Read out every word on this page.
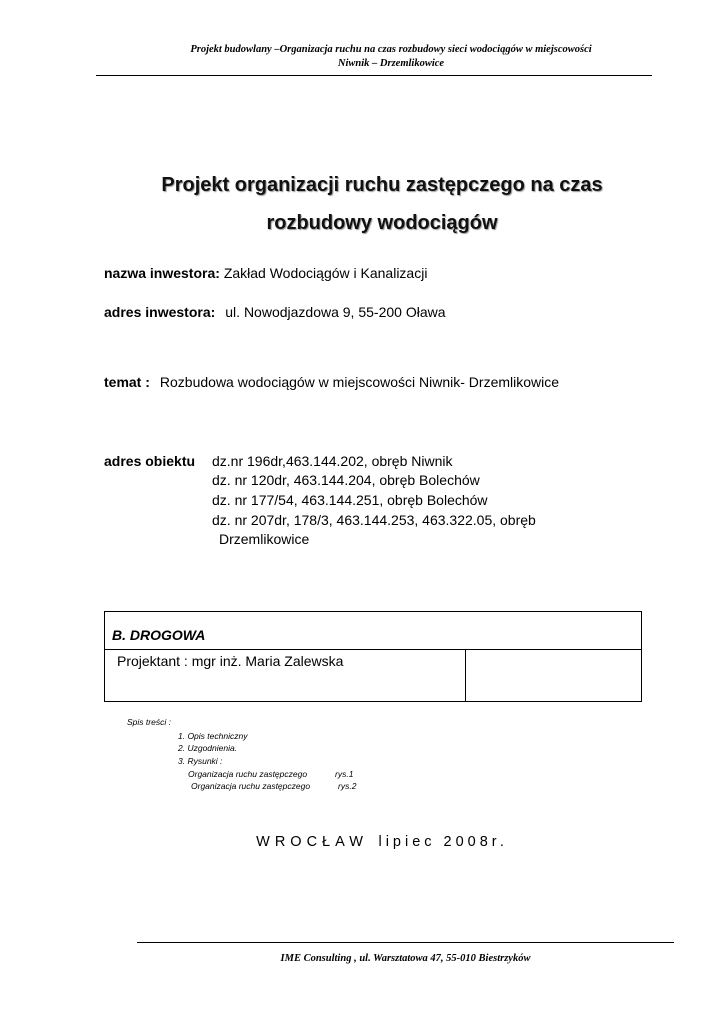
Projekt budowlany –Organizacja ruchu na czas rozbudowy sieci wodociągów w miejscowości
Niwnik – Drzemlikowice
Projekt organizacji ruchu zastępczego na czas
rozbudowy wodociągów
nazwa inwestora: Zakład Wodociągów i Kanalizacji
adres inwestora: ul. Nowodjazdowa 9, 55-200 Oława
temat : Rozbudowa wodociągów w miejscowości Niwnik- Drzemlikowice
adres obiektu dz.nr 196dr,463.144.202, obręb Niwnik
dz. nr 120dr, 463.144.204, obręb Bolechów
dz. nr 177/54, 463.144.251, obręb Bolechów
dz. nr 207dr, 178/3, 463.144.253, 463.322.05, obręb
Drzemlikowice
B. DROGOWA
Projektant : mgr inż. Maria Zalewska
Spis treści :
1. Opis techniczny
2. Uzgodnienia.
3. Rysunki :
Organizacja ruchu zastępczego	rys.1
Organizacja ruchu zastępczego	rys.2
WROCŁAW lipiec 2008r.
IME Consulting , ul. Warsztatowa 47, 55-010 Biestrzyków
